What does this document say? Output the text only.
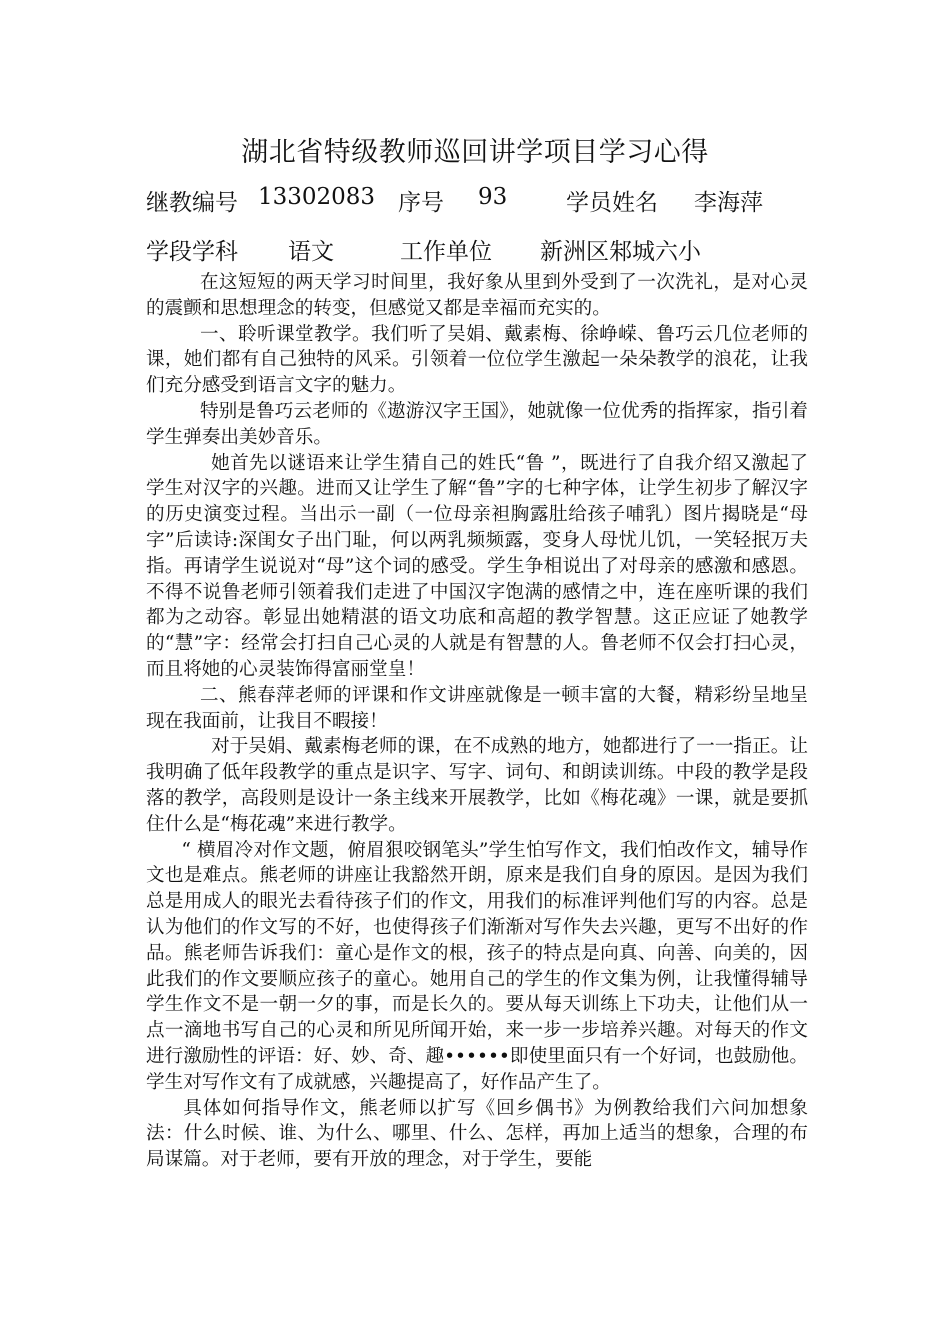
湖北省特级教师巡回讲学项目学习心得
继教编号 13302083 序号 93	学员姓名 李海萍
学段学科 语文	工作单位 新洲区邾城六小

在这短短的两天学习时间里，我好象从里到外受到了一次洗礼，是对心灵的震颤和思想理念的转变，但感觉又都是幸福而充实的。

一、聆听课堂教学。我们听了吴娟、戴素梅、徐峥嵘、鲁巧云几位老师的课，她们都有自己独特的风采。引领着一位位学生激起一朵朵教学的浪花，让我们充分感受到语言文字的魅力。

特别是鲁巧云老师的《遨游汉字王国》，她就像一位优秀的指挥家，指引着学生弹奏出美妙音乐。

她首先以谜语来让学生猜自己的姓氏“鲁 ”，既进行了自我介绍又激起了学生对汉字的兴趣。进而又让学生了解“鲁”字的七种字体，让学生初步了解汉字的历史演变过程。当出示一副（一位母亲袒胸露肚给孩子哺乳）图片揭晓是“母字”后读诗:深闺女子出门耻，何以两乳频频露，变身人母忧儿饥，一笑轻抿万夫指。再请学生说说对“母”这个词的感受。学生争相说出了对母亲的感激和感恩。不得不说鲁老师引领着我们走进了中国汉字饱满的感情之中，连在座听课的我们都为之动容。彰显出她精湛的语文功底和高超的教学智慧。这正应证了她教学的“慧”字：经常会打扫自己心灵的人就是有智慧的人。鲁老师不仅会打扫心灵，而且将她的心灵装饰得富丽堂皇！

二、熊春萍老师的评课和作文讲座就像是一顿丰富的大餐，精彩纷呈地呈现在我面前，让我目不暇接！

对于吴娟、戴素梅老师的课，在不成熟的地方，她都进行了一一指正。让我明确了低年段教学的重点是识字、写字、词句、和朗读训练。中段的教学是段落的教学，高段则是设计一条主线来开展教学，比如《梅花魂》一课，就是要抓住什么是“梅花魂”来进行教学。

“ 横眉冷对作文题，俯眉狠咬钢笔头”学生怕写作文，我们怕改作文，辅导作文也是难点。熊老师的讲座让我豁然开朗，原来是我们自身的原因。是因为我们总是用成人的眼光去看待孩子们的作文，用我们的标准评判他们写的内容。总是认为他们的作文写的不好，也使得孩子们渐渐对写作失去兴趣，更写不出好的作品。熊老师告诉我们：童心是作文的根，孩子的特点是向真、向善、向美的，因此我们的作文要顺应孩子的童心。她用自己的学生的作文集为例，让我懂得辅导学生作文不是一朝一夕的事，而是长久的。要从每天训练上下功夫，让他们从一点一滴地书写自己的心灵和所见所闻开始，来一步一步培养兴趣。对每天的作文进行激励性的评语：好、妙、奇、趣••••••即使里面只有一个好词，也鼓励他。学生对写作文有了成就感，兴趣提高了，好作品产生了。

具体如何指导作文，熊老师以扩写《回乡偶书》为例教给我们六问加想象法：什么时候、谁、为什么、哪里、什么、怎样，再加上适当的想象，合理的布局谋篇。对于老师，要有开放的理念，对于学生，要能
